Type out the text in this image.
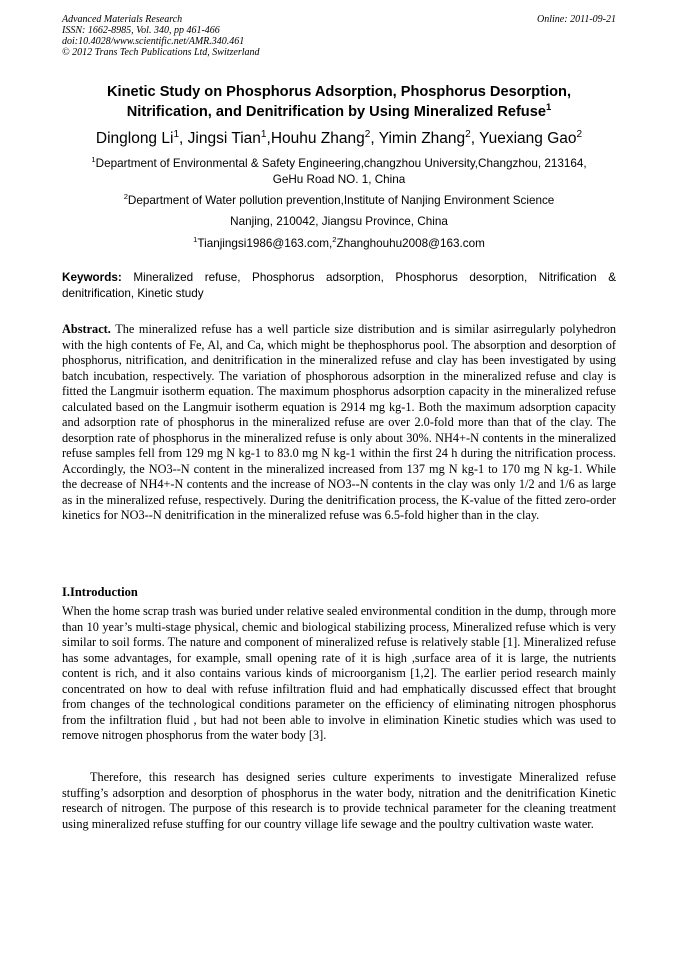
Advanced Materials Research
ISSN: 1662-8985, Vol. 340, pp 461-466
doi:10.4028/www.scientific.net/AMR.340.461
© 2012 Trans Tech Publications Ltd, Switzerland
Online: 2011-09-21
Kinetic Study on Phosphorus Adsorption, Phosphorus Desorption,
Nitrification, and Denitrification by Using Mineralized Refuse$^1$
Dinglong Li$^1$, Jingsi Tian$^1$,Houhu Zhang$^2$, Yimin Zhang$^2$, Yuexiang Gao$^2$
$^1$Department of Environmental & Safety Engineering,changzhou University,Changzhou, 213164,
GeHu Road NO. 1, China
$^2$Department of Water pollution prevention,Institute of Nanjing Environment Science
Nanjing, 210042, Jiangsu Province, China
$^1$Tianjingsi1986@163.com,$^2$Zhanghouhu2008@163.com
Keywords: Mineralized refuse, Phosphorus adsorption, Phosphorus desorption, Nitrification & denitrification, Kinetic study
Abstract. The mineralized refuse has a well particle size distribution and is similar asirregularly polyhedron with the high contents of Fe, Al, and Ca, which might be thephosphorus pool. The absorption and desorption of phosphorus, nitrification, and denitrification in the mineralized refuse and clay has been investigated by using batch incubation, respectively. The variation of phosphorous adsorption in the mineralized refuse and clay is fitted the Langmuir isotherm equation. The maximum phosphorus adsorption capacity in the mineralized refuse calculated based on the Langmuir isotherm equation is 2914 mg kg-1. Both the maximum adsorption capacity and adsorption rate of phosphorus in the mineralized refuse are over 2.0-fold more than that of the clay. The desorption rate of phosphorus in the mineralized refuse is only about 30%. NH4+-N contents in the mineralized refuse samples fell from 129 mg N kg-1 to 83.0 mg N kg-1 within the first 24 h during the nitrification process. Accordingly, the NO3--N content in the mineralized increased from 137 mg N kg-1 to 170 mg N kg-1. While the decrease of NH4+-N contents and the increase of NO3--N contents in the clay was only 1/2 and 1/6 as large as in the mineralized refuse, respectively. During the denitrification process, the K-value of the fitted zero-order kinetics for NO3--N denitrification in the mineralized refuse was 6.5-fold higher than in the clay.
I.Introduction

When the home scrap trash was buried under relative sealed environmental condition in the dump, through more than 10 year’s multi-stage physical, chemic and biological stabilizing process, Mineralized refuse which is very similar to soil forms. The nature and component of mineralized refuse is relatively stable [1]. Mineralized refuse has some advantages, for example, small opening rate of it is high ,surface area of it is large, the nutrients content is rich, and it also contains various kinds of microorganism [1,2]. The earlier period research mainly concentrated on how to deal with refuse infiltration fluid and had emphatically discussed effect that brought from changes of the technological conditions parameter on the efficiency of eliminating nitrogen phosphorus from the infiltration fluid , but had not been able to involve in elimination Kinetic studies which was used to remove nitrogen phosphorus from the water body [3].

Therefore, this research has designed series culture experiments to investigate Mineralized refuse stuffing’s adsorption and desorption of phosphorus in the water body, nitration and the denitrification Kinetic research of nitrogen. The purpose of this research is to provide technical parameter for the cleaning treatment using mineralized refuse stuffing for our country village life sewage and the poultry cultivation waste water.
